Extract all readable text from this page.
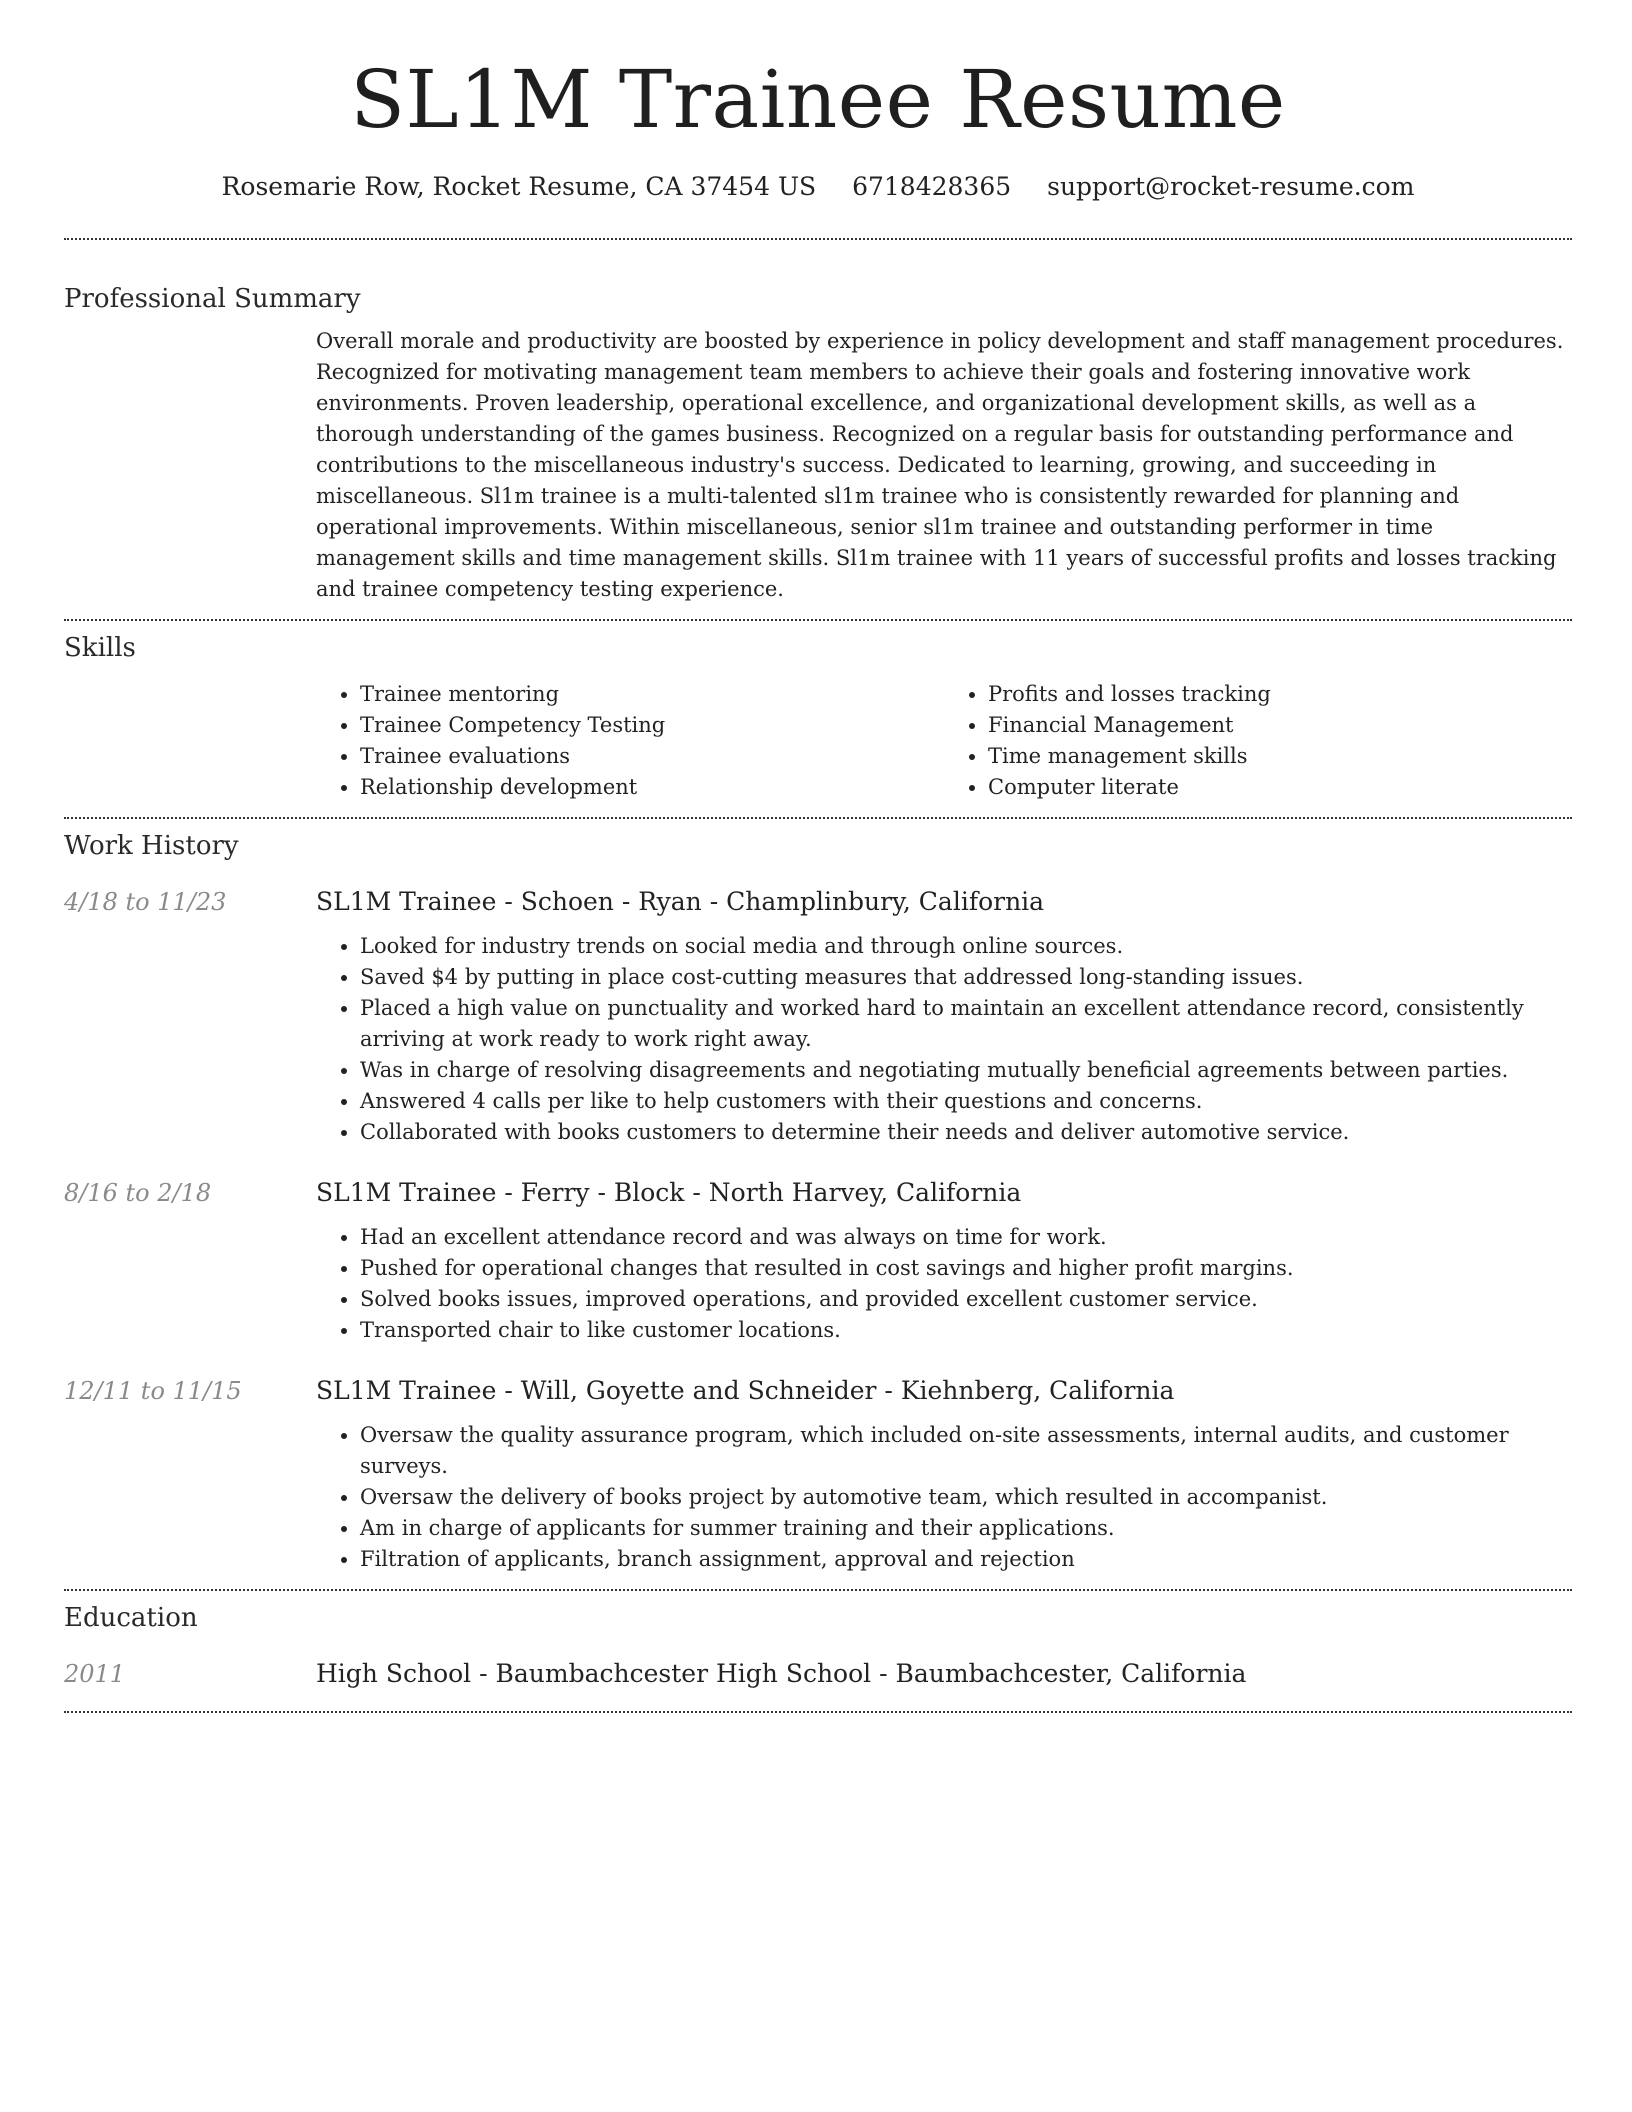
SL1M Trainee Resume
Rosemarie Row, Rocket Resume, CA 37454 US 6718428365 support@rocket-resume.com
Professional Summary

Overall morale and productivity are boosted by experience in policy development and staff management procedures. Recognized for motivating management team members to achieve their goals and fostering innovative work environments. Proven leadership, operational excellence, and organizational development skills, as well as a thorough understanding of the games business. Recognized on a regular basis for outstanding performance and contributions to the miscellaneous industry's success. Dedicated to learning, growing, and succeeding in miscellaneous. Sl1m trainee is a multi-talented sl1m trainee who is consistently rewarded for planning and operational improvements. Within miscellaneous, senior sl1m trainee and outstanding performer in time management skills and time management skills. Sl1m trainee with 11 years of successful profits and losses tracking and trainee competency testing experience.

Skills
• Trainee mentoring
• Trainee Competency Testing
• Trainee evaluations
• Relationship development
• Profits and losses tracking
• Financial Management
• Time management skills
• Computer literate
Work History
4/18 to 11/23	SL1M Trainee - Schoen - Ryan - Champlinbury, California
• Looked for industry trends on social media and through online sources.
• Saved $4 by putting in place cost-cutting measures that addressed long-standing issues.
• Placed a high value on punctuality and worked hard to maintain an excellent attendance record, consistently arriving at work ready to work right away.
• Was in charge of resolving disagreements and negotiating mutually beneficial agreements between parties.
• Answered 4 calls per like to help customers with their questions and concerns.
• Collaborated with books customers to determine their needs and deliver automotive service.
8/16 to 2/18	SL1M Trainee - Ferry - Block - North Harvey, California
• Had an excellent attendance record and was always on time for work.
• Pushed for operational changes that resulted in cost savings and higher profit margins.
• Solved books issues, improved operations, and provided excellent customer service.
• Transported chair to like customer locations.
12/11 to 11/15	SL1M Trainee - Will, Goyette and Schneider - Kiehnberg, California
• Oversaw the quality assurance program, which included on-site assessments, internal audits, and customer surveys.
• Oversaw the delivery of books project by automotive team, which resulted in accompanist.
• Am in charge of applicants for summer training and their applications.
• Filtration of applicants, branch assignment, approval and rejection
Education
2011	High School - Baumbachcester High School - Baumbachcester, California
